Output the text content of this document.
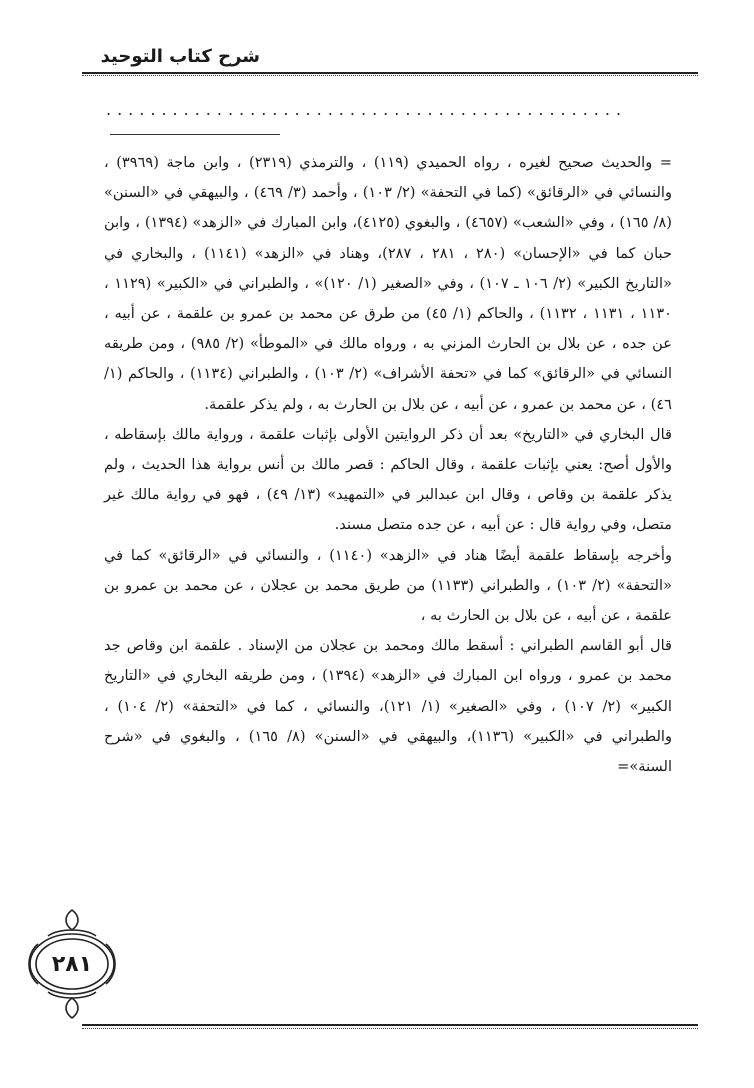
شرح كتاب التوحيد
...............................................

= والحديث صحيح لغيره ، رواه الحميدي (١١٩) ، والترمذي (٢٣١٩) ، وابن ماجة (٣٩٦٩) ، والنسائي في «الرقائق» (كما في التحفة» (٢/ ١٠٣) ، وأحمد (٣/ ٤٦٩) ، والبيهقي في «السنن» (٨/ ١٦٥) ، وفي «الشعب» (٤٦٥٧) ، والبغوي (٤١٢٥)، وابن المبارك في «الزهد» (١٣٩٤) ، وابن حبان كما في «الإحسان» (٢٨٠ ، ٢٨١ ، ٢٨٧)، وهناد في «الزهد» (١١٤١) ، والبخاري في «التاريخ الكبير» (٢/ ١٠٦ ـ ١٠٧) ، وفي «الصغير (١/ ١٢٠)» ، والطبراني في «الكبير» (١١٢٩ ، ١١٣٠ ، ١١٣١ ، ١١٣٢) ، والحاكم (١/ ٤٥) من طرق عن محمد بن عمرو بن علقمة ، عن أبيه ، عن جده ، عن بلال بن الحارث المزني به ، ورواه مالك في «الموطأ» (٢/ ٩٨٥) ، ومن طريقه النسائي في «الرقائق» كما في «تحفة الأشراف» (٢/ ١٠٣) ، والطبراني (١١٣٤) ، والحاكم (١/ ٤٦) ، عن محمد بن عمرو ، عن أبيه ، عن بلال بن الحارث به ، ولم يذكر علقمة.

قال البخاري في «التاريخ» بعد أن ذكر الروايتين الأولى بإثبات علقمة ، ورواية مالك بإسقاطه ، والأول أصح: يعني بإثبات علقمة ، وقال الحاكم : قصر مالك بن أنس برواية هذا الحديث ، ولم يذكر علقمة بن وقاص ، وقال ابن عبدالبر في «التمهيد» (١٣/ ٤٩) ، فهو في رواية مالك غير متصل، وفي رواية قال : عن أبيه ، عن جده متصل مسند.

وأخرجه بإسقاط علقمة أيضًا هناد في «الزهد» (١١٤٠) ، والنسائي في «الرقائق» كما في «التحفة» (٢/ ١٠٣) ، والطبراني (١١٣٣) من طريق محمد بن عجلان ، عن محمد بن عمرو بن علقمة ، عن أبيه ، عن بلال بن الحارث به ،

قال أبو القاسم الطبراني : أسقط مالك ومحمد بن عجلان من الإسناد . علقمة ابن وقاص جد محمد بن عمرو ، ورواه ابن المبارك في «الزهد» (١٣٩٤) ، ومن طريقه البخاري في «التاريخ الكبير» (٢/ ١٠٧) ، وفي «الصغير» (١/ ١٢١)، والنسائي ، كما في «التحفة» (٢/ ١٠٤) ، والطبراني في «الكبير» (١١٣٦)، والبيهقي في «السنن» (٨/ ١٦٥) ، والبغوي في «شرح السنة»=

٢٨١
